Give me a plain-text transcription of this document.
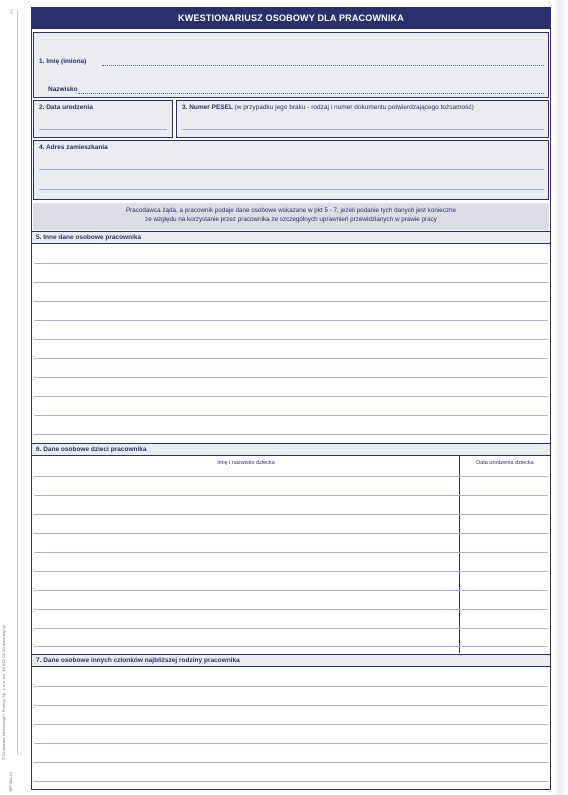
RT
© Drukarnia Michalczyk i Prokop Sp. z o.o. tel. 48 662 00 00 www.mip.pl
MiP 350-01
KWESTIONARIUSZ OSOBOWY DLA PRACOWNIKA
1. Imię (imiona)
Nazwisko
2. Data urodzenia	3. Numer PESEL (w przypadku jego braku - rodzaj i numer dokumentu potwierdzającego tożsamość)
4. Adres zamieszkania
Pracodawca żąda, a pracownik podaje dane osobowe wskazane w pkt 5 - 7, jeżeli podanie tych danych jest konieczne
ze względu na korzystanie przez pracownika ze szczególnych uprawnień przewidzianych w prawie pracy
5. Inne dane osobowe pracownika
6. Dane osobowe dzieci pracownika
Imię i nazwisko dziecka	Data urodzenia dziecka
7. Dane osobowe innych członków najbliższej rodziny pracownika
